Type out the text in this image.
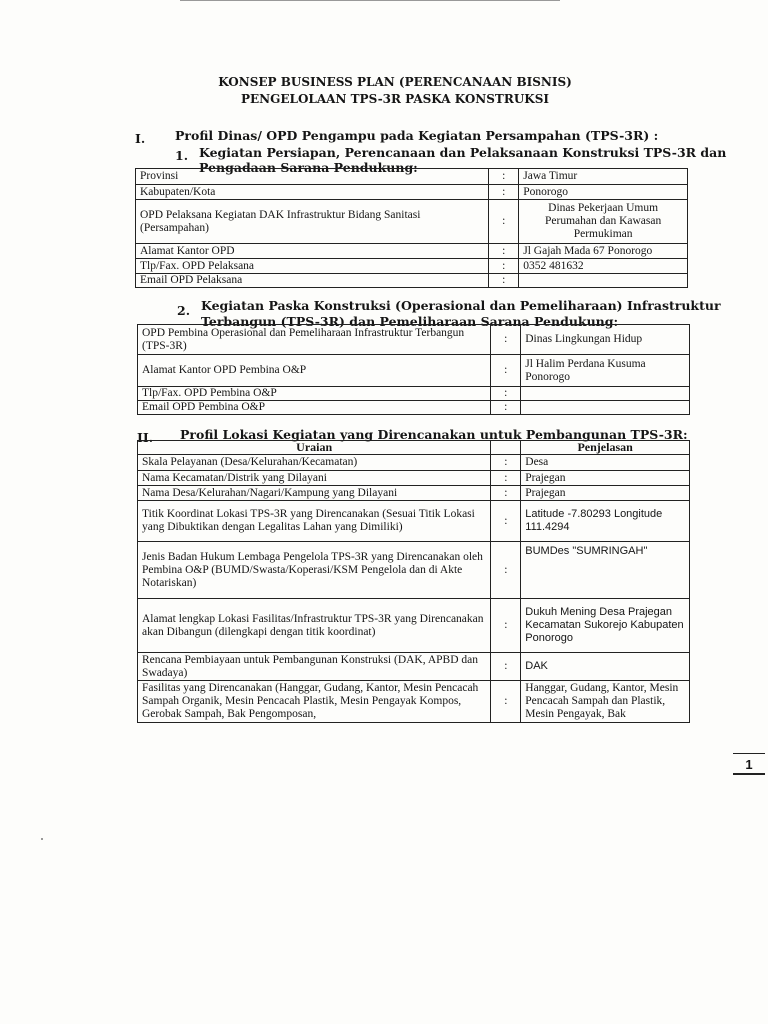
KONSEP BUSINESS PLAN (PERENCANAAN BISNIS)
PENGELOLAAN TPS-3R PASKA KONSTRUKSI
I. Profil Dinas/ OPD Pengampu pada Kegiatan Persampahan (TPS-3R) :
1. Kegiatan Persiapan, Perencanaan dan Pelaksanaan Konstruksi TPS-3R dan
Pengadaan Sarana Pendukung:
Provinsi	:	Jawa Timur
Kabupaten/Kota	:	Ponorogo
OPD Pelaksana Kegiatan DAK Infrastruktur Bidang Sanitasi (Persampahan)	:	Dinas Pekerjaan Umum Perumahan dan Kawasan Permukiman
Alamat Kantor OPD	:	Jl Gajah Mada 67 Ponorogo
Tlp/Fax. OPD Pelaksana	:	0352 481632
Email OPD Pelaksana	:	
2. Kegiatan Paska Konstruksi (Operasional dan Pemeliharaan) Infrastruktur
Terbangun (TPS-3R) dan Pemeliharaan Sarana Pendukung:
OPD Pembina Operasional dan Pemeliharaan Infrastruktur Terbangun (TPS-3R)	:	Dinas Lingkungan Hidup
Alamat Kantor OPD Pembina O&P	:	Jl Halim Perdana Kusuma Ponorogo
Tlp/Fax. OPD Pembina O&P	:	
Email OPD Pembina O&P	:	
II. Profil Lokasi Kegiatan yang Direncanakan untuk Pembangunan TPS-3R:
Uraian		Penjelasan
Skala Pelayanan (Desa/Kelurahan/Kecamatan)	:	Desa
Nama Kecamatan/Distrik yang Dilayani	:	Prajegan
Nama Desa/Kelurahan/Nagari/Kampung yang Dilayani	:	Prajegan
Titik Koordinat Lokasi TPS-3R yang Direncanakan (Sesuai Titik Lokasi yang Dibuktikan dengan Legalitas Lahan yang Dimiliki)	:	Latitude -7.80293 Longitude 111.4294
Jenis Badan Hukum Lembaga Pengelola TPS-3R yang Direncanakan oleh Pembina O&P (BUMD/Swasta/Koperasi/KSM Pengelola dan di Akte Notariskan)	:	BUMDes "SUMRINGAH"
Alamat lengkap Lokasi Fasilitas/Infrastruktur TPS-3R yang Direncanakan akan Dibangun (dilengkapi dengan titik koordinat)	:	Dukuh Mening Desa Prajegan Kecamatan Sukorejo Kabupaten Ponorogo
Rencana Pembiayaan untuk Pembangunan Konstruksi (DAK, APBD dan Swadaya)	:	DAK
Fasilitas yang Direncanakan (Hanggar, Gudang, Kantor, Mesin Pencacah Sampah Organik, Mesin Pencacah Plastik, Mesin Pengayak Kompos, Gerobak Sampah, Bak Pengomposan,	:	Hanggar, Gudang, Kantor, Mesin Pencacah Sampah dan Plastik, Mesin Pengayak, Bak
1
